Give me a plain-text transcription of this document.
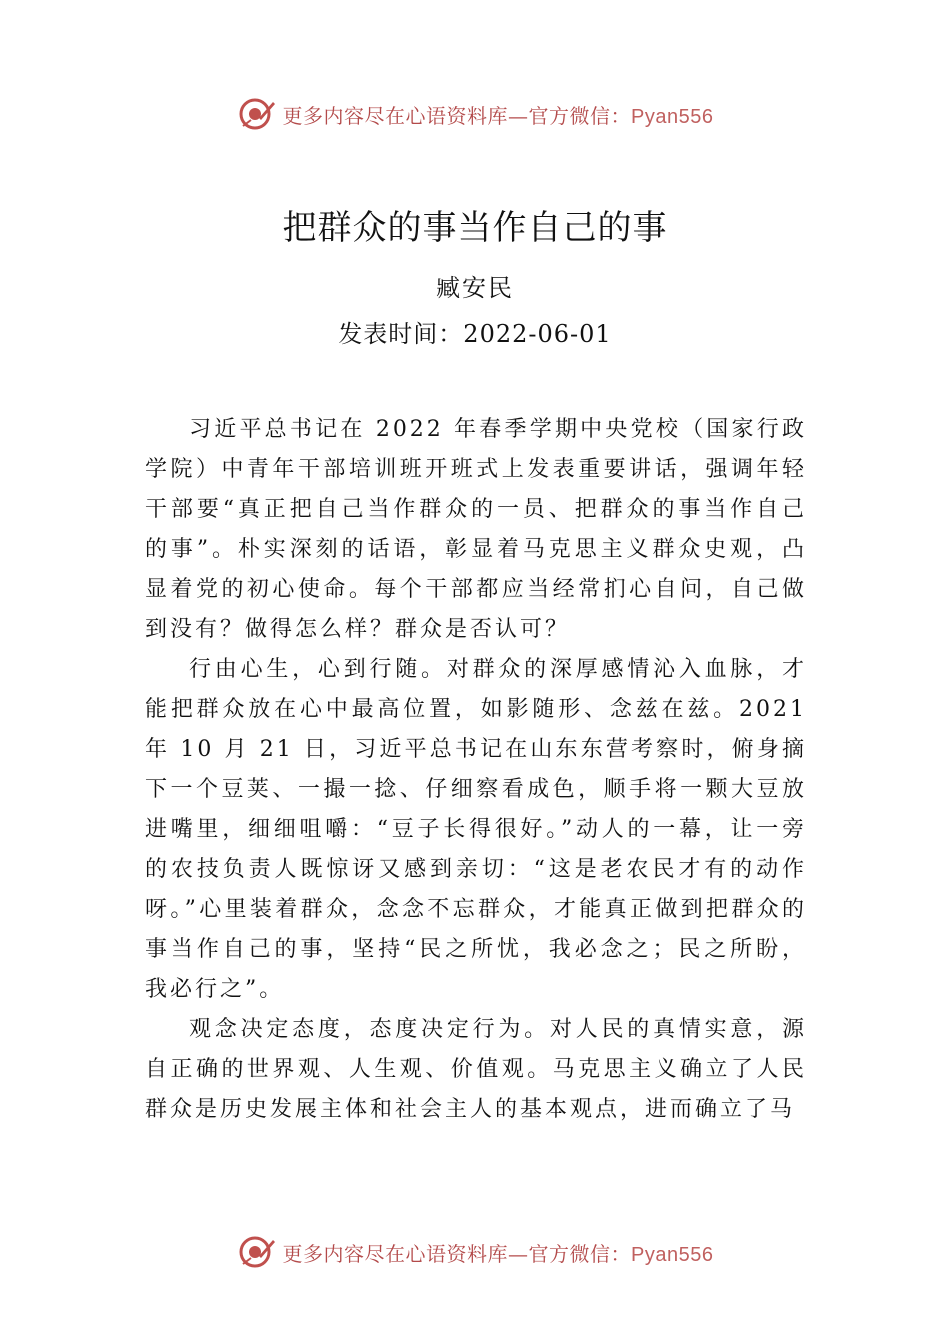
更多内容尽在心语资料库—官方微信：Pyan556
把群众的事当作自己的事
臧安民
发表时间：2022-06-01

习近平总书记在 2022 年春季学期中央党校（国家行政学院）中青年干部培训班开班式上发表重要讲话，强调年轻干部要“真正把自己当作群众的一员、把群众的事当作自己的事”。朴实深刻的话语，彰显着马克思主义群众史观，凸显着党的初心使命。每个干部都应当经常扪心自问，自己做到没有？做得怎么样？群众是否认可？

行由心生，心到行随。对群众的深厚感情沁入血脉，才能把群众放在心中最高位置，如影随形、念兹在兹。2021 年 10 月 21 日，习近平总书记在山东东营考察时，俯身摘下一个豆荚、一撮一捻、仔细察看成色，顺手将一颗大豆放进嘴里，细细咀嚼：“豆子长得很好。”动人的一幕，让一旁的农技负责人既惊讶又感到亲切：“这是老农民才有的动作呀。”心里装着群众，念念不忘群众，才能真正做到把群众的事当作自己的事，坚持“民之所忧，我必念之；民之所盼，我必行之”。

观念决定态度，态度决定行为。对人民的真情实意，源自正确的世界观、人生观、价值观。马克思主义确立了人民群众是历史发展主体和社会主人的基本观点，进而确立了马

更多内容尽在心语资料库—官方微信：Pyan556
